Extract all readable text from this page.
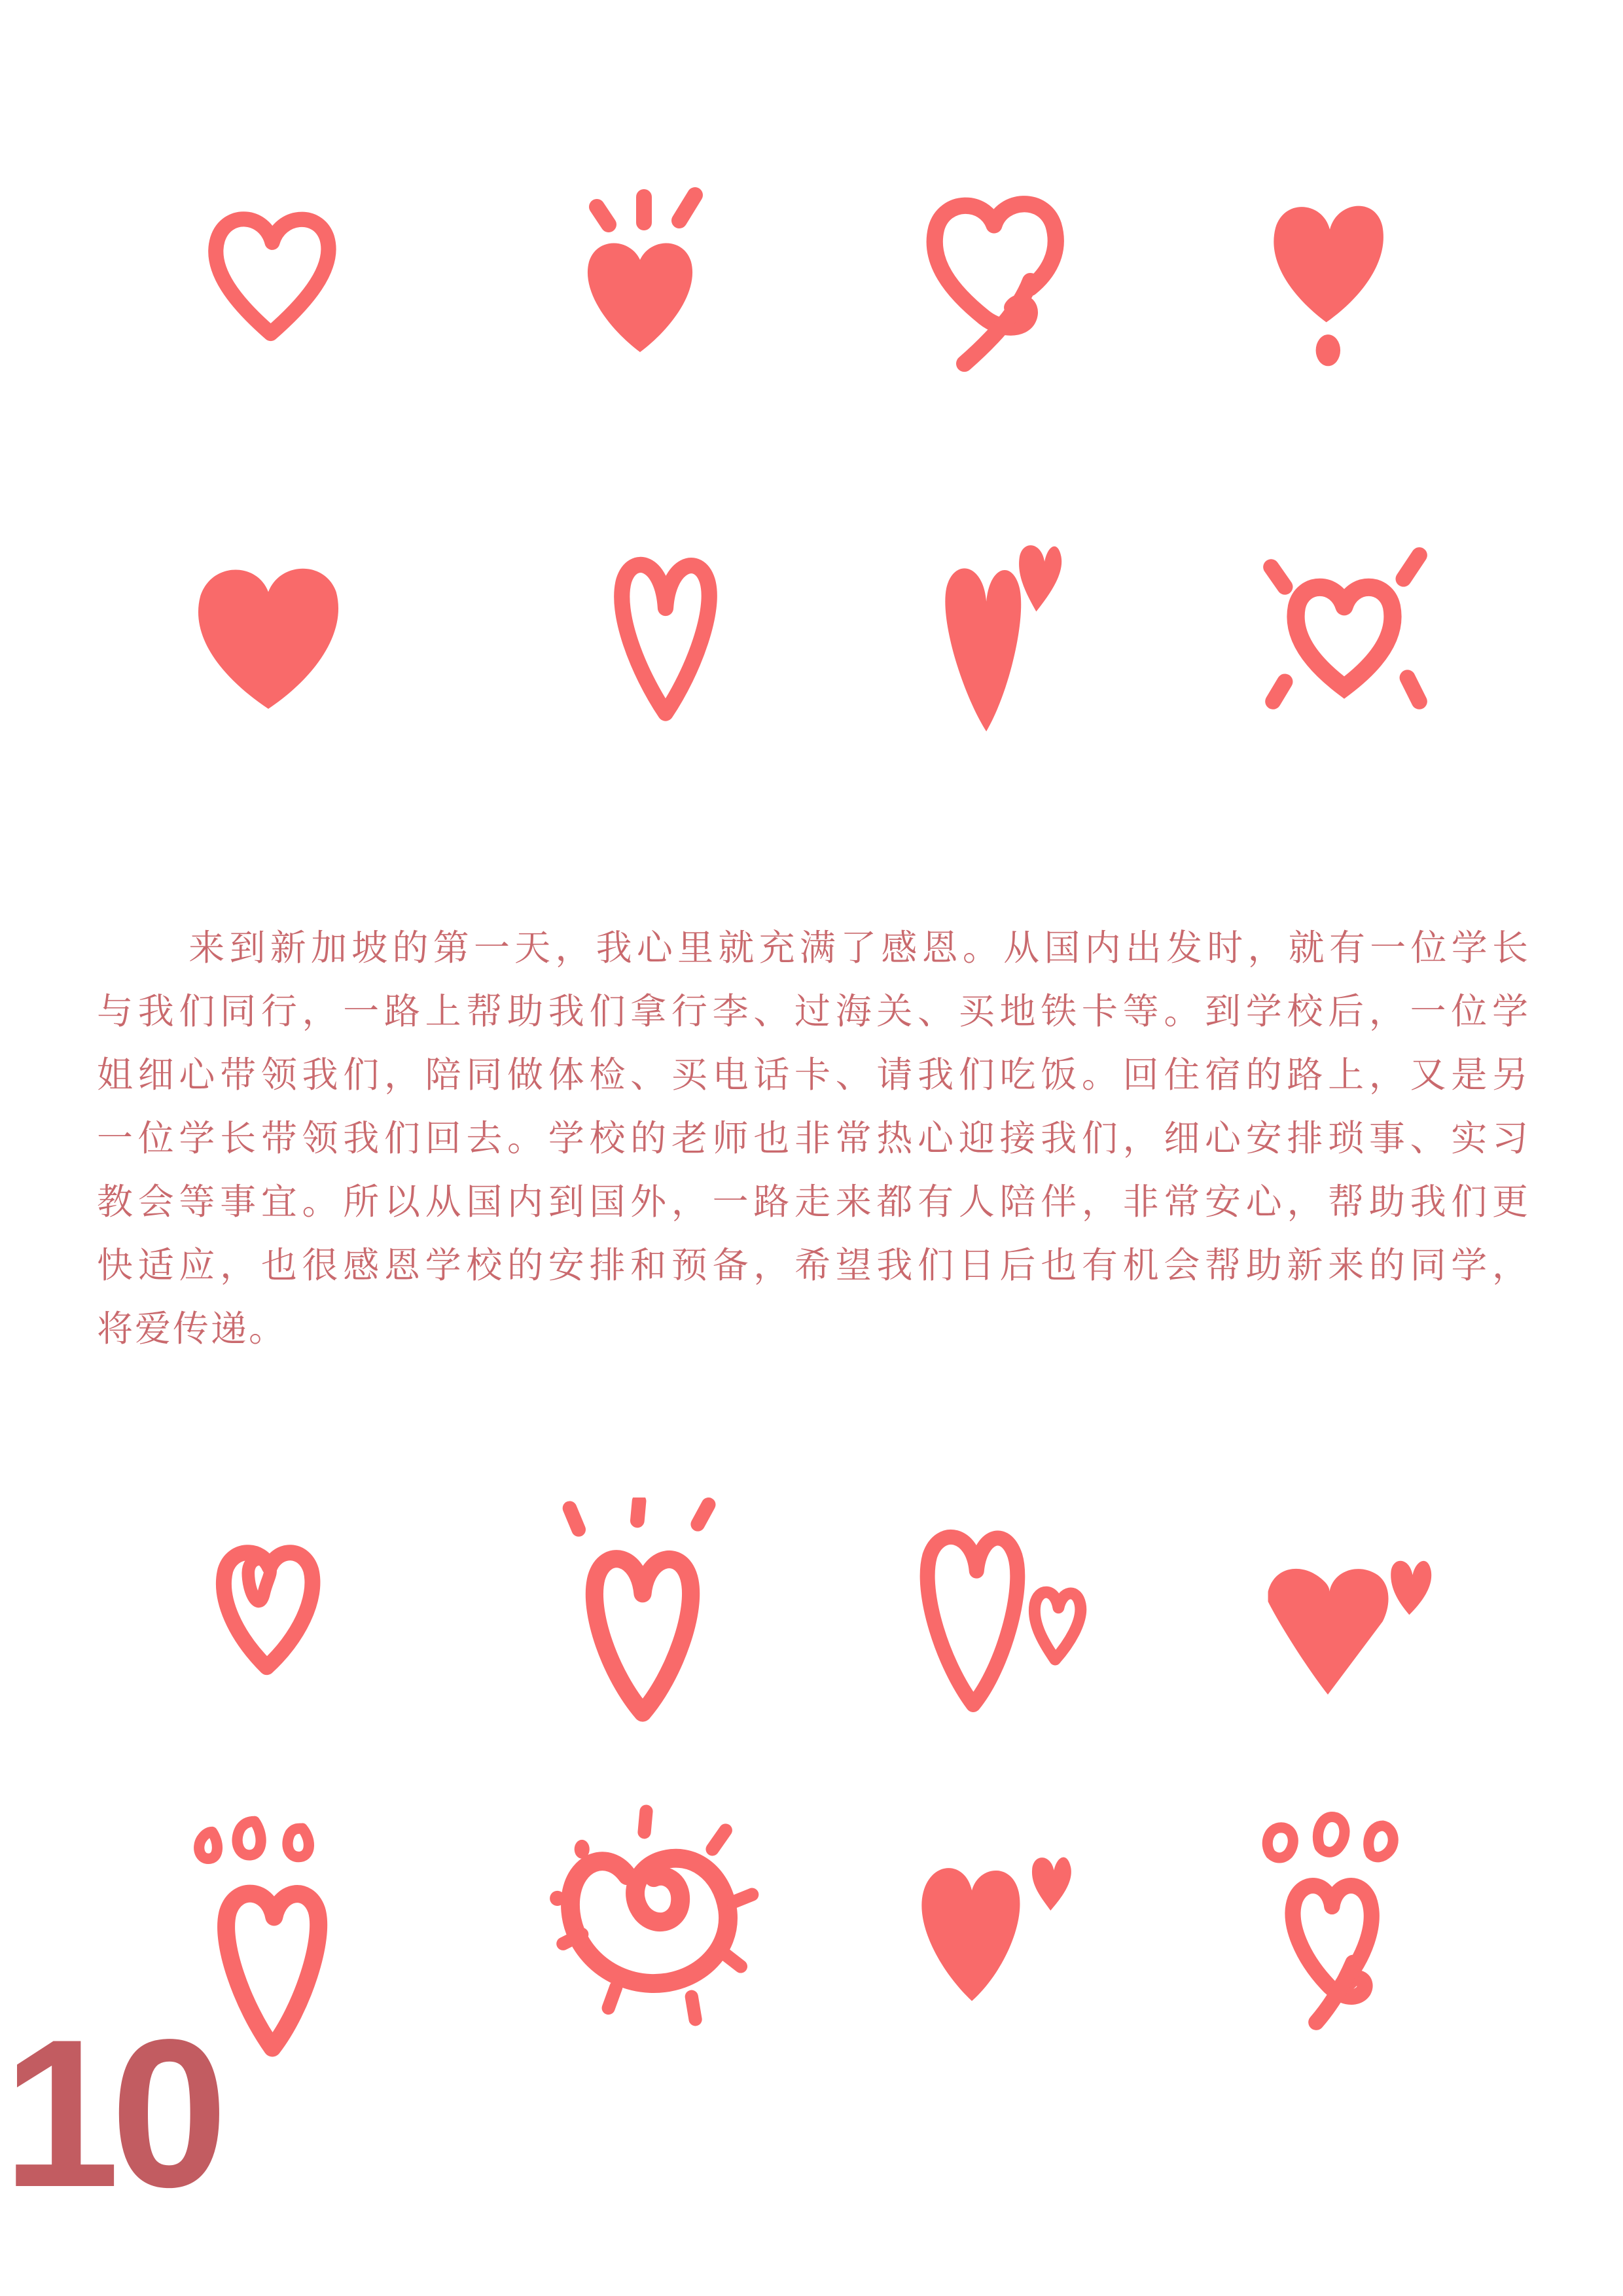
来到新加坡的第一天，我心里就充满了感恩。从国内出发时，就有一位学长
与我们同行，一路上帮助我们拿行李、过海关、买地铁卡等。到学校后，一位学
姐细心带领我们，陪同做体检、买电话卡、请我们吃饭。回住宿的路上，又是另
一位学长带领我们回去。学校的老师也非常热心迎接我们，细心安排琐事、实习
教会等事宜。所以从国内到国外，一路走来都有人陪伴，非常安心，帮助我们更
快适应，也很感恩学校的安排和预备，希望我们日后也有机会帮助新来的同学，
将爱传递。
10
